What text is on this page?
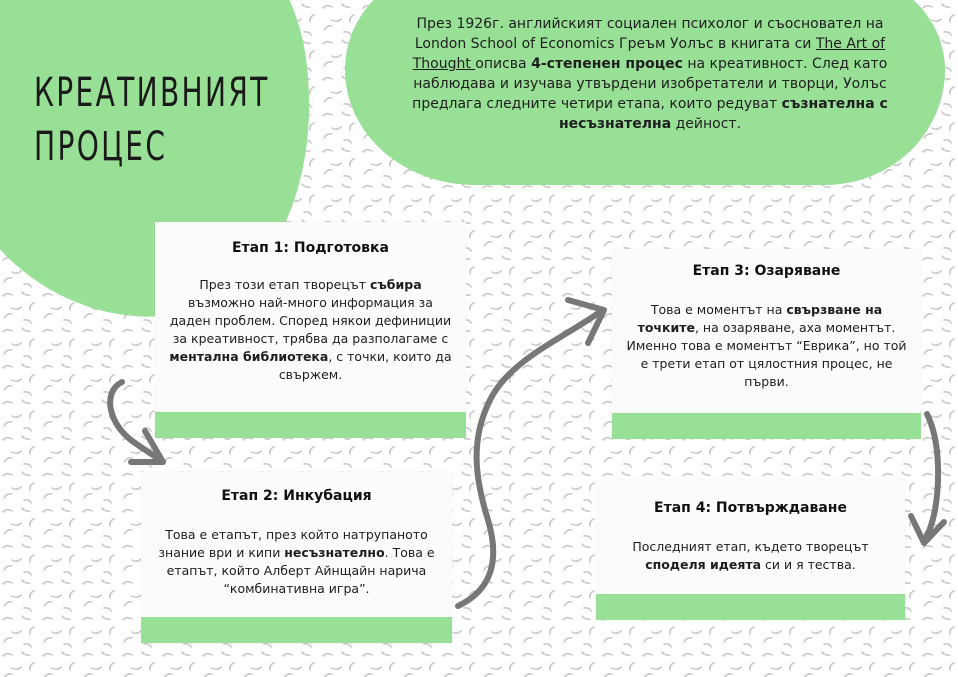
КРЕАТИВНИЯТ
ПРОЦЕС
През 1926г. английският социален психолог и съосновател на London School of Economics Греъм Уолъс в книгата си The Art of Thought описва 4-степенен процес на креативност. След като наблюдава и изучава утвърдени изобретатели и творци, Уолъс предлага следните четири етапа, които редуват съзнателна с несъзнателна дейност.
Етап 1: Подготовка

През този етап творецът събира възможно най-много информация за даден проблем. Според някои дефиниции за креативност, трябва да разполагаме с ментална библиотека, с точки, които да свържем.

Етап 2: Инкубация

Това е етапът, през който натрупаното знание ври и кипи несъзнателно. Това е етапът, който Алберт Айнщайн нарича “комбинативна игра”.

Етап 3: Озаряване

Това е моментът на свързване на точките, на озаряване, аха моментът. Именно това е моментът “Еврика”, но той е трети етап от цялостния процес, не първи.

Етап 4: Потвърждаване

Последният етап, където творецът споделя идеята си и я тества.
